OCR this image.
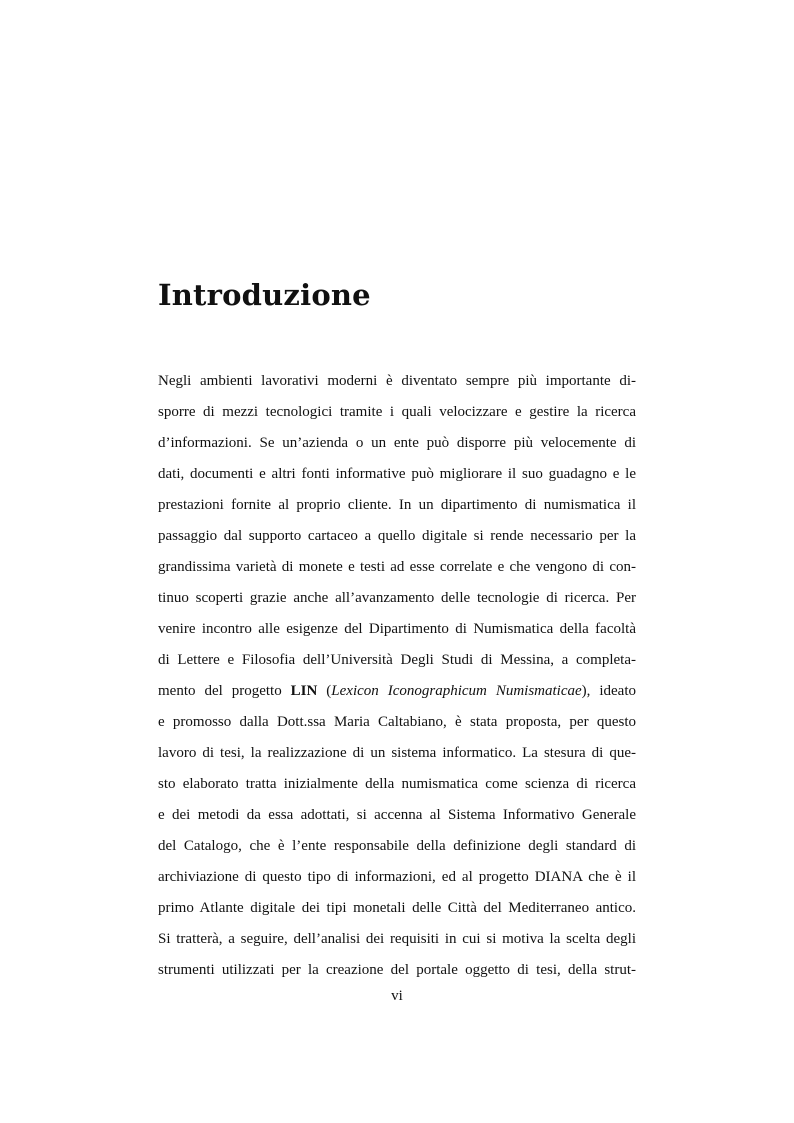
Introduzione
Negli ambienti lavorativi moderni è diventato sempre più importante di-
sporre di mezzi tecnologici tramite i quali velocizzare e gestire la ricerca
d’informazioni. Se un’azienda o un ente può disporre più velocemente di
dati, documenti e altri fonti informative può migliorare il suo guadagno e le
prestazioni fornite al proprio cliente. In un dipartimento di numismatica il
passaggio dal supporto cartaceo a quello digitale si rende necessario per la
grandissima varietà di monete e testi ad esse correlate e che vengono di con-
tinuo scoperti grazie anche all’avanzamento delle tecnologie di ricerca. Per
venire incontro alle esigenze del Dipartimento di Numismatica della facoltà
di Lettere e Filosofia dell’Università Degli Studi di Messina, a completa-
mento del progetto LIN (Lexicon Iconographicum Numismaticae), ideato
e promosso dalla Dott.ssa Maria Caltabiano, è stata proposta, per questo
lavoro di tesi, la realizzazione di un sistema informatico. La stesura di que-
sto elaborato tratta inizialmente della numismatica come scienza di ricerca
e dei metodi da essa adottati, si accenna al Sistema Informativo Generale
del Catalogo, che è l’ente responsabile della definizione degli standard di
archiviazione di questo tipo di informazioni, ed al progetto DIANA che è il
primo Atlante digitale dei tipi monetali delle Città del Mediterraneo antico.
Si tratterà, a seguire, dell’analisi dei requisiti in cui si motiva la scelta degli
strumenti utilizzati per la creazione del portale oggetto di tesi, della strut-
vi
